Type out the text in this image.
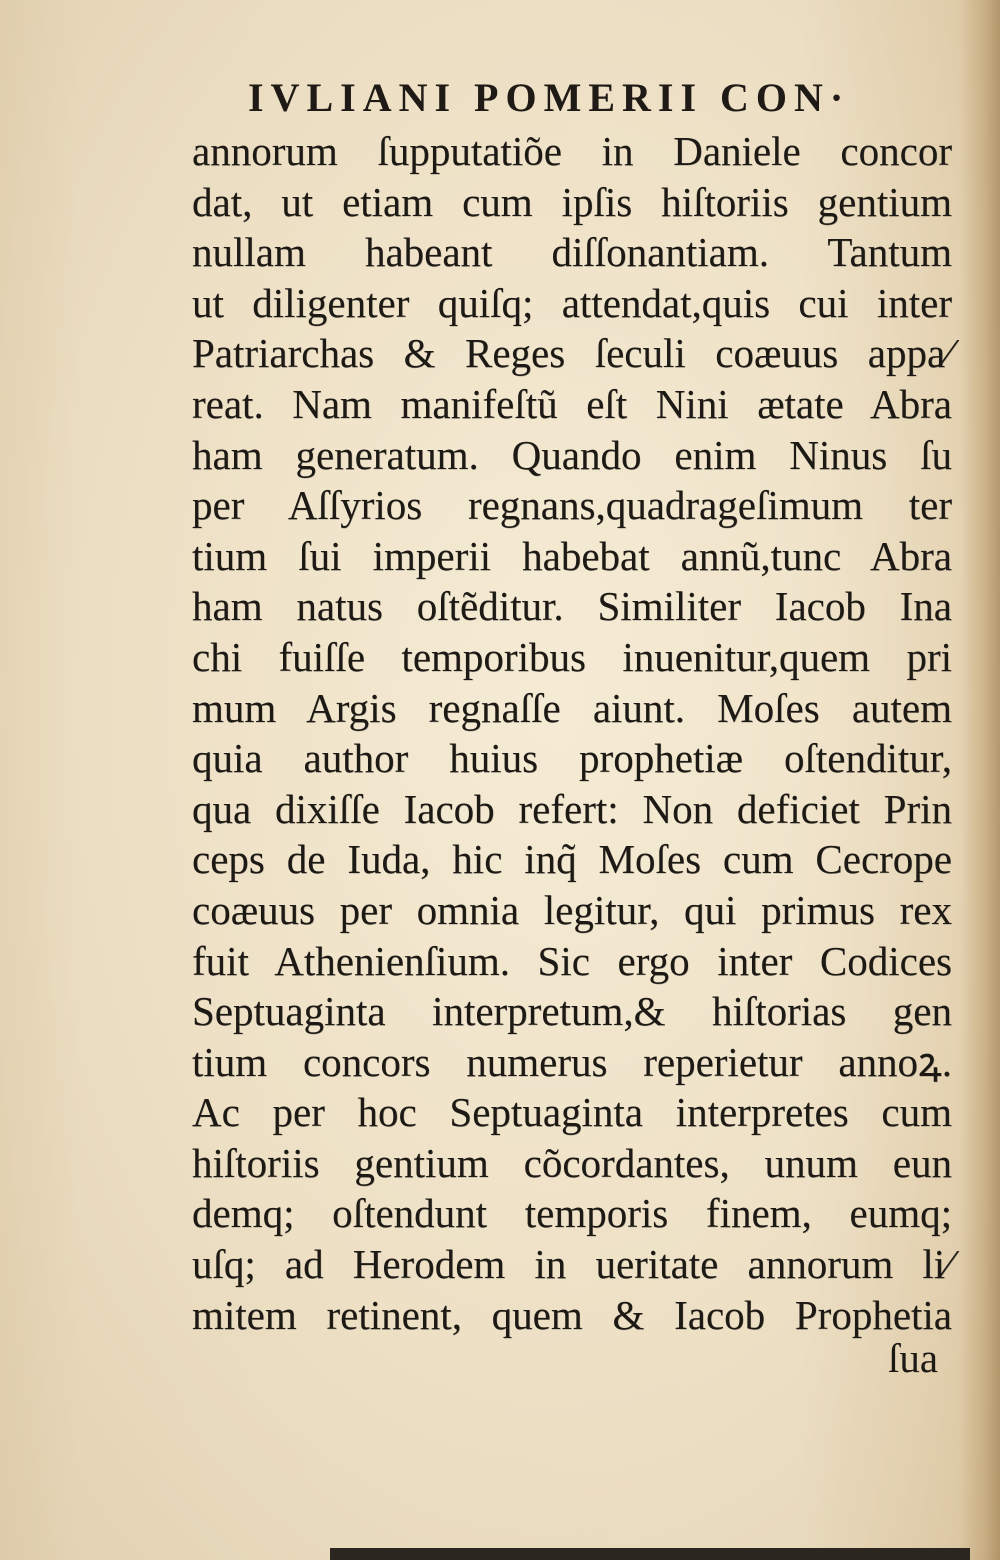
IVLIANI POMERII CON·
annorum ſupputatiõe in Daniele concor
dat, ut etiam cum ipſis hiſtoriis gentium
nullam habeant diſſonantiam. Tantum
ut diligenter quiſq; attendat,quis cui inter
Patriarchas & Reges ſeculi coæuus appa⁄
reat. Nam manifeſtũ eſt Nini ætate Abra
ham generatum. Quando enim Ninus ſu
per Aſſyrios regnans,quadrageſimum ter
tium ſui imperii habebat annũ,tunc Abra
ham natus oſtẽditur. Similiter Iacob Ina
chi fuiſſe temporibus inuenitur,quem pri
mum Argis regnaſſe aiunt. Moſes autem
quia author huius prophetiæ oſtenditur,
qua dixiſſe Iacob refert: Non deficiet Prin
ceps de Iuda, hic inq̃ Moſes cum Cecrope
coæuus per omnia legitur, qui primus rex
fuit Athenienſium. Sic ergo inter Codices
Septuaginta interpretum,& hiſtorias gen
tium concors numerus reperietur annoꝝ.
Ac per hoc Septuaginta interpretes cum
hiſtoriis gentium cõcordantes, unum eun
demq; oſtendunt temporis finem, eumq;
uſq; ad Herodem in ueritate annorum li⁄
mitem retinent, quem & Iacob Prophetia
ſua
